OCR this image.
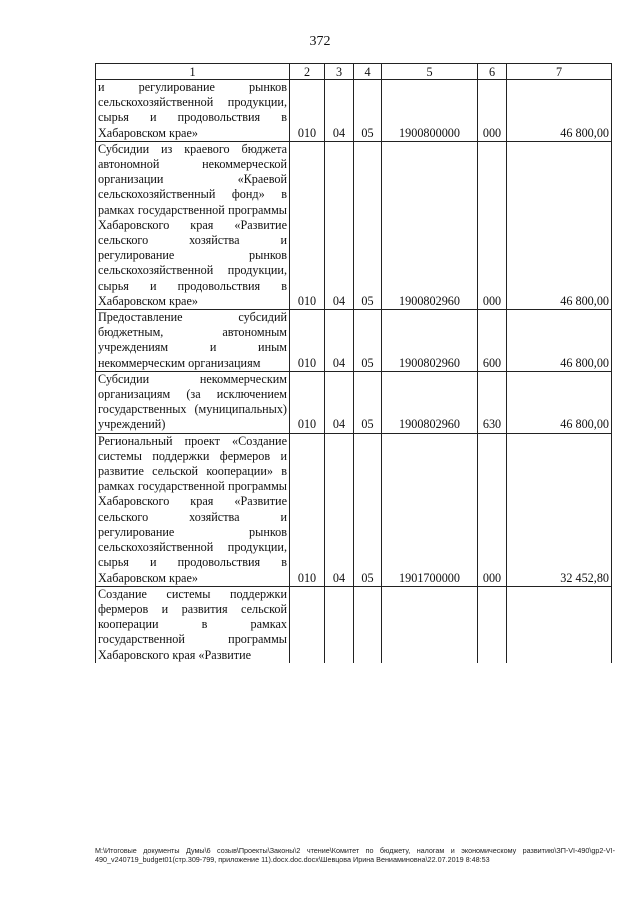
372
1	2	3	4	5	6	7
и регулирование рынков сельскохозяйственной продукции, сырья и продовольствия в Хабаровском крае»	010	04	05	1900800000	000	46 800,00
Субсидии из краевого бюджета автономной некоммерческой организации «Краевой сельскохозяйственный фонд» в рамках государственной программы Хабаровского края «Развитие сельского хозяйства и регулирование рынков сельскохозяйственной продукции, сырья и продовольствия в Хабаровском крае»	010	04	05	1900802960	000	46 800,00
Предоставление субсидий бюджетным, автономным учреждениям и иным некоммерческим организациям	010	04	05	1900802960	600	46 800,00
Субсидии некоммерческим организациям (за исключением государственных (муниципальных) учреждений)	010	04	05	1900802960	630	46 800,00
Региональный проект «Создание системы поддержки фермеров и развитие сельской кооперации» в рамках государственной программы Хабаровского края «Развитие сельского хозяйства и регулирование рынков сельскохозяйственной продукции, сырья и продовольствия в Хабаровском крае»	010	04	05	1901700000	000	32 452,80
Создание системы поддержки фермеров и развития сельской кооперации в рамках государственной программы Хабаровского края «Развитие						
M:\Итоговые документы Думы\6 созыв\Проекты\Законы\2 чтение\Комитет по бюджету, налогам и экономическому развитию\ЗП-VI-490\gp2-VI-490_v240719_budget01(стр.309-799, приложение 11).docx.doc.docx\Шевцова Ирина Вениаминовна\22.07.2019 8:48:53
